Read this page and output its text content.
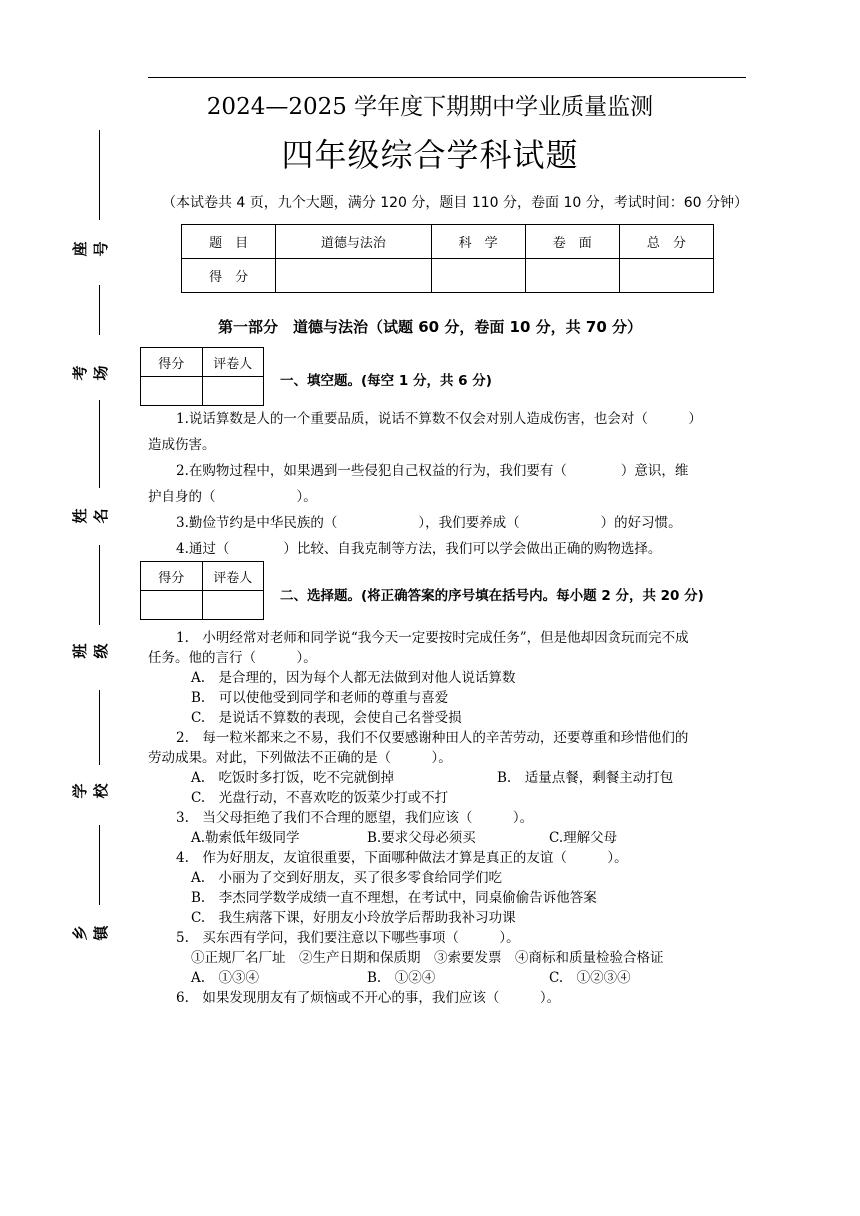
2024—2025 学年度下期期中学业质量监测
四年级综合学科试题
（本试卷共 4 页，九个大题，满分 120 分，题目 110 分，卷面 10 分，考试时间：60 分钟）
题　目	道德与法治	科　学	卷　面	总　分
得　分				
座号
考场
姓名
班级
学校
乡镇
第一部分　道德与法治（试题 60 分，卷面 10 分，共 70 分）
得分	评卷人

一、填空题。(每空 1 分，共 6 分)
1.说话算数是人的一个重要品质，说话不算数不仅会对别人造成伤害，也会对（　　　）
造成伤害。
2.在购物过程中，如果遇到一些侵犯自己权益的行为，我们要有（　　　　）意识，维
护自身的（　　　　　　）。
3.勤俭节约是中华民族的（　　　　　　），我们要养成（　　　　　　）的好习惯。
4.通过（　　　　）比较、自我克制等方法，我们可以学会做出正确的购物选择。
得分	评卷人

二、选择题。(将正确答案的序号填在括号内。每小题 2 分，共 20 分)
1.　小明经常对老师和同学说“我今天一定要按时完成任务”，但是他却因贪玩而完不成
任务。他的言行（　　　）。
A.　是合理的，因为每个人都无法做到对他人说话算数
B.　可以使他受到同学和老师的尊重与喜爱
C.　是说话不算数的表现，会使自己名誉受损
2.　每一粒米都来之不易，我们不仅要感谢种田人的辛苦劳动，还要尊重和珍惜他们的
劳动成果。对此，下列做法不正确的是（　　　）。
A.　吃饭时多打饭，吃不完就倒掉	B.　适量点餐，剩餐主动打包
C.　光盘行动，不喜欢吃的饭菜少打或不打
3.　当父母拒绝了我们不合理的愿望，我们应该（　　　）。
A.勒索低年级同学	B.要求父母必须买	C.理解父母
4.　作为好朋友，友谊很重要，下面哪种做法才算是真正的友谊（　　　）。
A.　小丽为了交到好朋友，买了很多零食给同学们吃
B.　李杰同学数学成绩一直不理想，在考试中，同桌偷偷告诉他答案
C.　我生病落下课，好朋友小玲放学后帮助我补习功课
5.　买东西有学问，我们要注意以下哪些事项（　　　）。
①正规厂名厂址　②生产日期和保质期　③索要发票　④商标和质量检验合格证
A.　①③④	B.　①②④	C.　①②③④
6.　如果发现朋友有了烦恼或不开心的事，我们应该（　　　）。
